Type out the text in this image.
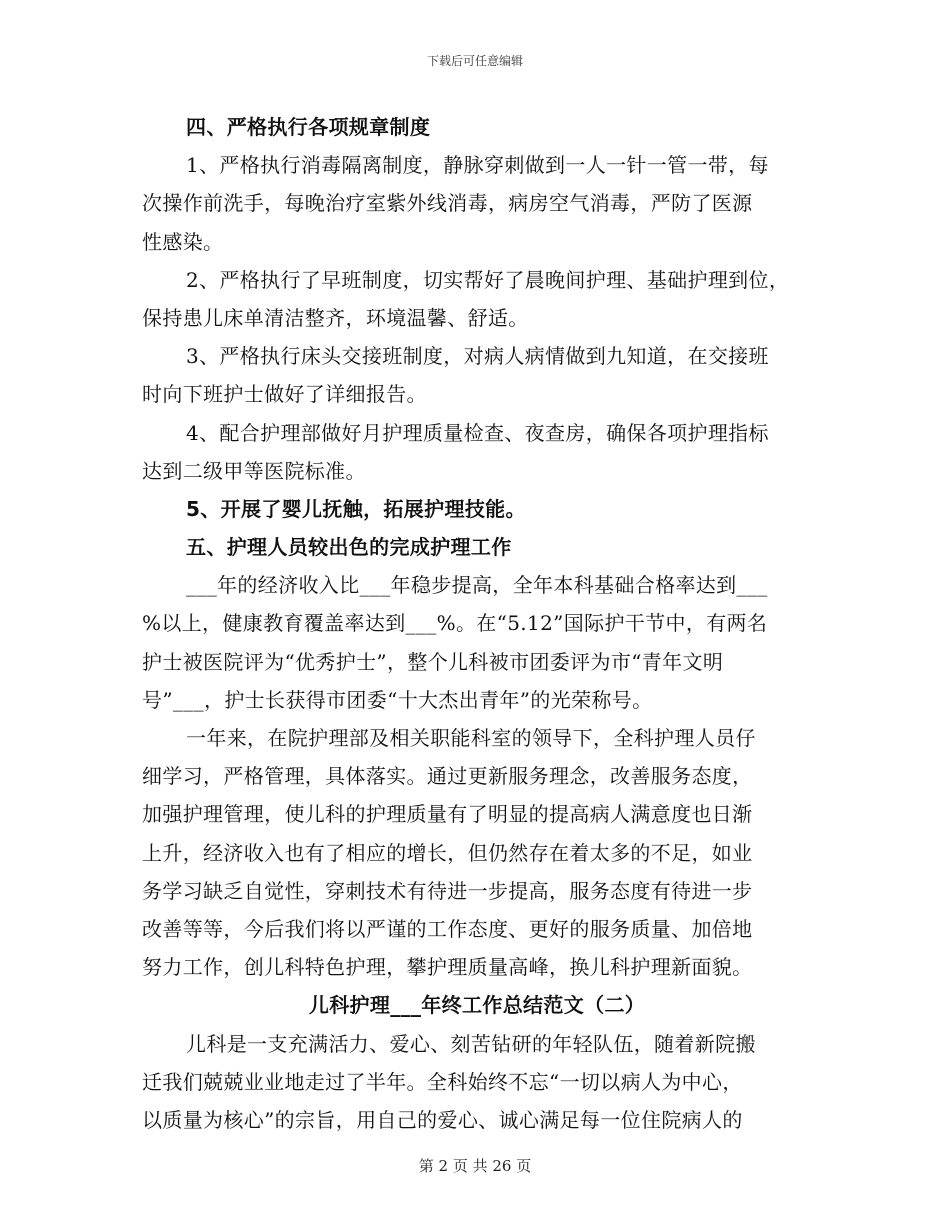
下载后可任意编辑
四、严格执行各项规章制度
1、严格执行消毒隔离制度，静脉穿刺做到一人一针一管一带，每
次操作前洗手，每晚治疗室紫外线消毒，病房空气消毒，严防了医源
性感染。
2、严格执行了早班制度，切实帮好了晨晚间护理、基础护理到位，
保持患儿床单清洁整齐，环境温馨、舒适。
3、严格执行床头交接班制度，对病人病情做到九知道，在交接班
时向下班护士做好了详细报告。
4、配合护理部做好月护理质量检查、夜查房，确保各项护理指标
达到二级甲等医院标准。
5、开展了婴儿抚触，拓展护理技能。
五、护理人员较出色的完成护理工作
___年的经济收入比___年稳步提高，全年本科基础合格率达到___
%以上，健康教育覆盖率达到___%。在“5.12”国际护干节中，有两名
护士被医院评为“优秀护士”，整个儿科被市团委评为市“青年文明
号”___，护士长获得市团委“十大杰出青年”的光荣称号。
一年来，在院护理部及相关职能科室的领导下，全科护理人员仔
细学习，严格管理，具体落实。通过更新服务理念，改善服务态度，
加强护理管理，使儿科的护理质量有了明显的提高病人满意度也日渐
上升，经济收入也有了相应的增长，但仍然存在着太多的不足，如业
务学习缺乏自觉性，穿刺技术有待进一步提高，服务态度有待进一步
改善等等，今后我们将以严谨的工作态度、更好的服务质量、加倍地
努力工作，创儿科特色护理，攀护理质量高峰，换儿科护理新面貌。
儿科护理___年终工作总结范文（二）
儿科是一支充满活力、爱心、刻苦钻研的年轻队伍，随着新院搬
迁我们兢兢业业地走过了半年。全科始终不忘“一切以病人为中心，
以质量为核心”的宗旨，用自己的爱心、诚心满足每一位住院病人的
第 2 页 共 26 页
